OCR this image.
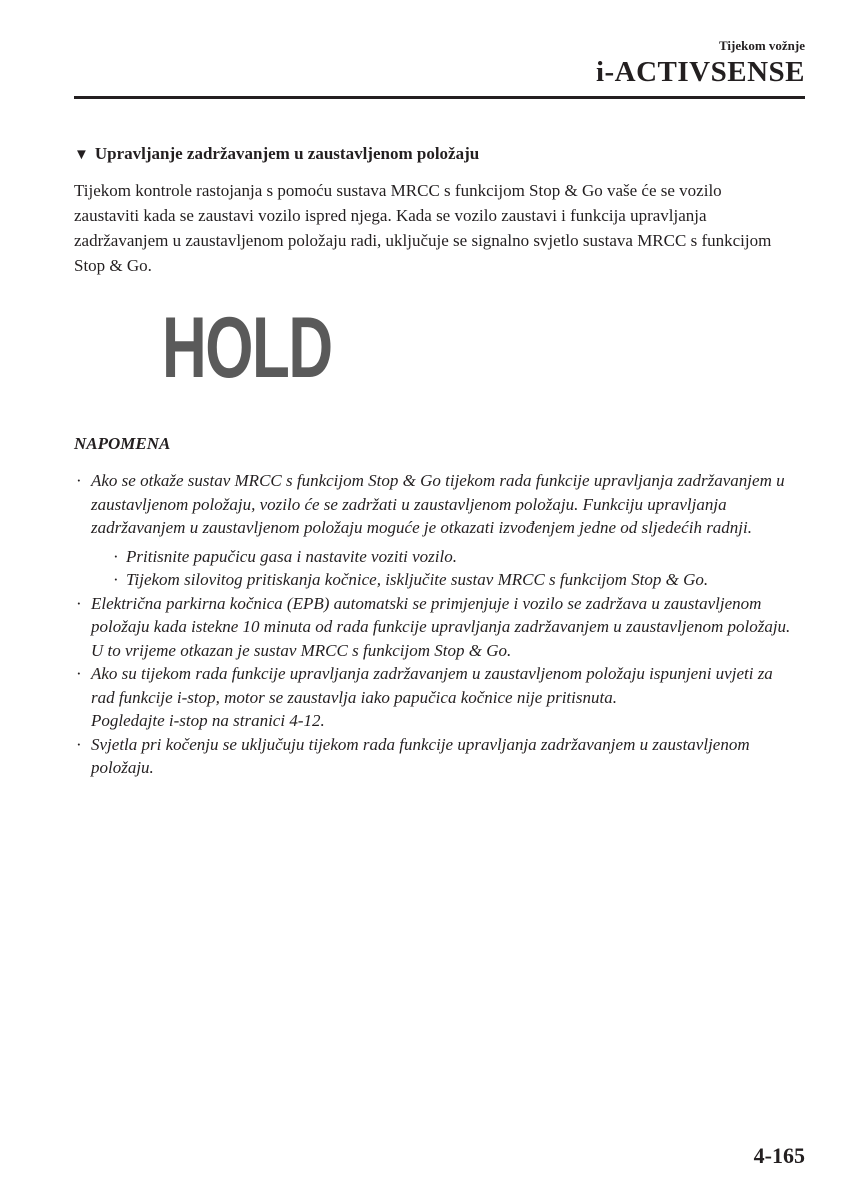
Tijekom vožnje
i-ACTIVSENSE
▼ Upravljanje zadržavanjem u zaustavljenom položaju
Tijekom kontrole rastojanja s pomoću sustava MRCC s funkcijom Stop & Go vaše će se vozilo zaustaviti kada se zaustavi vozilo ispred njega. Kada se vozilo zaustavi i funkcija upravljanja zadržavanjem u zaustavljenom položaju radi, uključuje se signalno svjetlo sustava MRCC s funkcijom Stop & Go.
HOLD
NAPOMENA
· Ako se otkaže sustav MRCC s funkcijom Stop & Go tijekom rada funkcije upravljanja zadržavanjem u zaustavljenom položaju, vozilo će se zadržati u zaustavljenom položaju. Funkciju upravljanja zadržavanjem u zaustavljenom položaju moguće je otkazati izvođenjem jedne od sljedećih radnji.
· Pritisnite papučicu gasa i nastavite voziti vozilo.
· Tijekom silovitog pritiskanja kočnice, isključite sustav MRCC s funkcijom Stop & Go.
· Električna parkirna kočnica (EPB) automatski se primjenjuje i vozilo se zadržava u zaustavljenom položaju kada istekne 10 minuta od rada funkcije upravljanja zadržavanjem u zaustavljenom položaju. U to vrijeme otkazan je sustav MRCC s funkcijom Stop & Go.
· Ako su tijekom rada funkcije upravljanja zadržavanjem u zaustavljenom položaju ispunjeni uvjeti za rad funkcije i-stop, motor se zaustavlja iako papučica kočnice nije pritisnuta.
Pogledajte i-stop na stranici 4-12.
· Svjetla pri kočenju se uključuju tijekom rada funkcije upravljanja zadržavanjem u zaustavljenom položaju.
4-165
